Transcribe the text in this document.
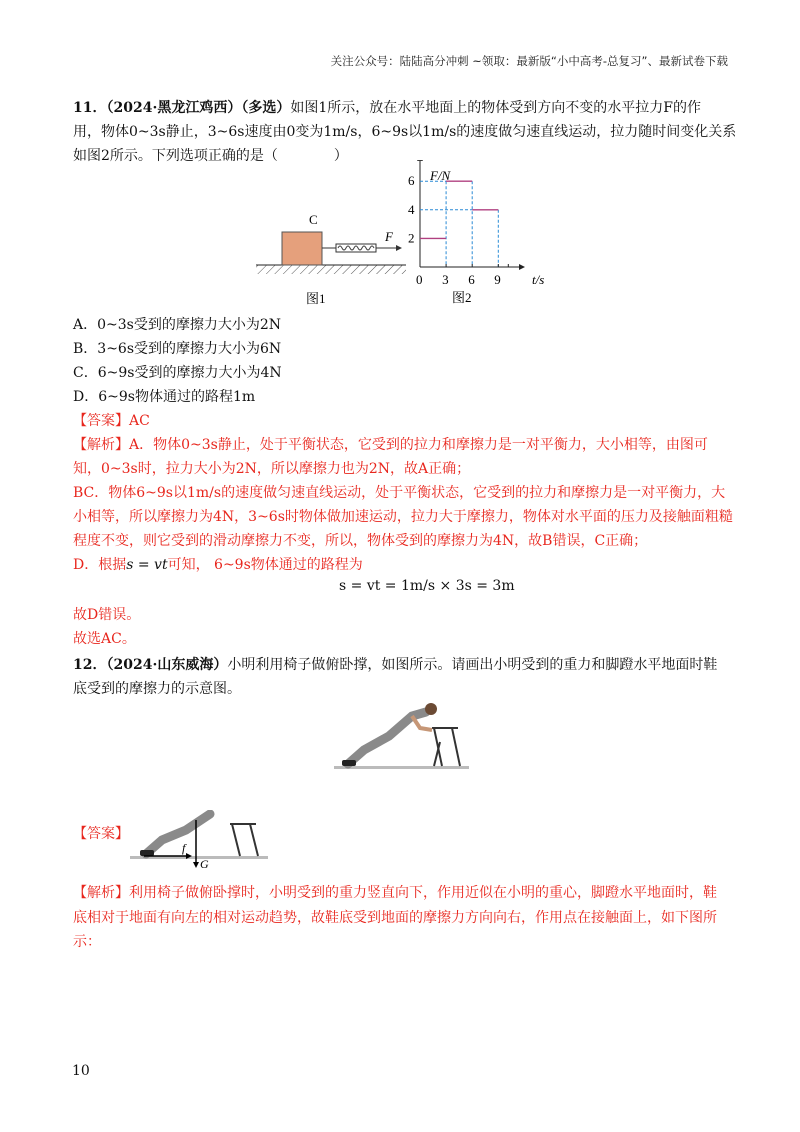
关注公众号：陆陆高分冲刺 ~领取：最新版“小中高考-总复习”、最新试卷下载
11．（2024·黑龙江鸡西）（多选）如图1所示，放在水平地面上的物体受到方向不变的水平拉力F的作
用，物体0~3s静止，3~6s速度由0变为1m/s，6~9s以1m/s的速度做匀速直线运动，拉力随时间变化关系
如图2所示。下列选项正确的是（　　　　）
C
F
图1
F/N
t/s
图2
2
4
6
0 3 6 9
A．0~3s受到的摩擦力大小为2N
B．3~6s受到的摩擦力大小为6N
C．6~9s受到的摩擦力大小为4N
D．6~9s物体通过的路程1m
【答案】AC
【解析】A．物体0~3s静止，处于平衡状态，它受到的拉力和摩擦力是一对平衡力，大小相等，由图可
知，0~3s时，拉力大小为2N，所以摩擦力也为2N，故A正确；
BC．物体6~9s以1m/s的速度做匀速直线运动，处于平衡状态，它受到的拉力和摩擦力是一对平衡力，大
小相等，所以摩擦力为4N，3~6s时物体做加速运动，拉力大于摩擦力，物体对水平面的压力及接触面粗糙
程度不变，则它受到的滑动摩擦力不变，所以，物体受到的摩擦力为4N，故B错误，C正确；
D．根据s = vt可知， 6~9s物体通过的路程为
s = vt = 1m/s × 3s = 3m
故D错误。
故选AC。
12．（2024·山东威海）小明利用椅子做俯卧撑，如图所示。请画出小明受到的重力和脚蹬水平地面时鞋
底受到的摩擦力的示意图。
【答案】
G
f
【解析】利用椅子做俯卧撑时，小明受到的重力竖直向下，作用近似在小明的重心，脚蹬水平地面时，鞋
底相对于地面有向左的相对运动趋势，故鞋底受到地面的摩擦力方向向右，作用点在接触面上，如下图所
示：
10
